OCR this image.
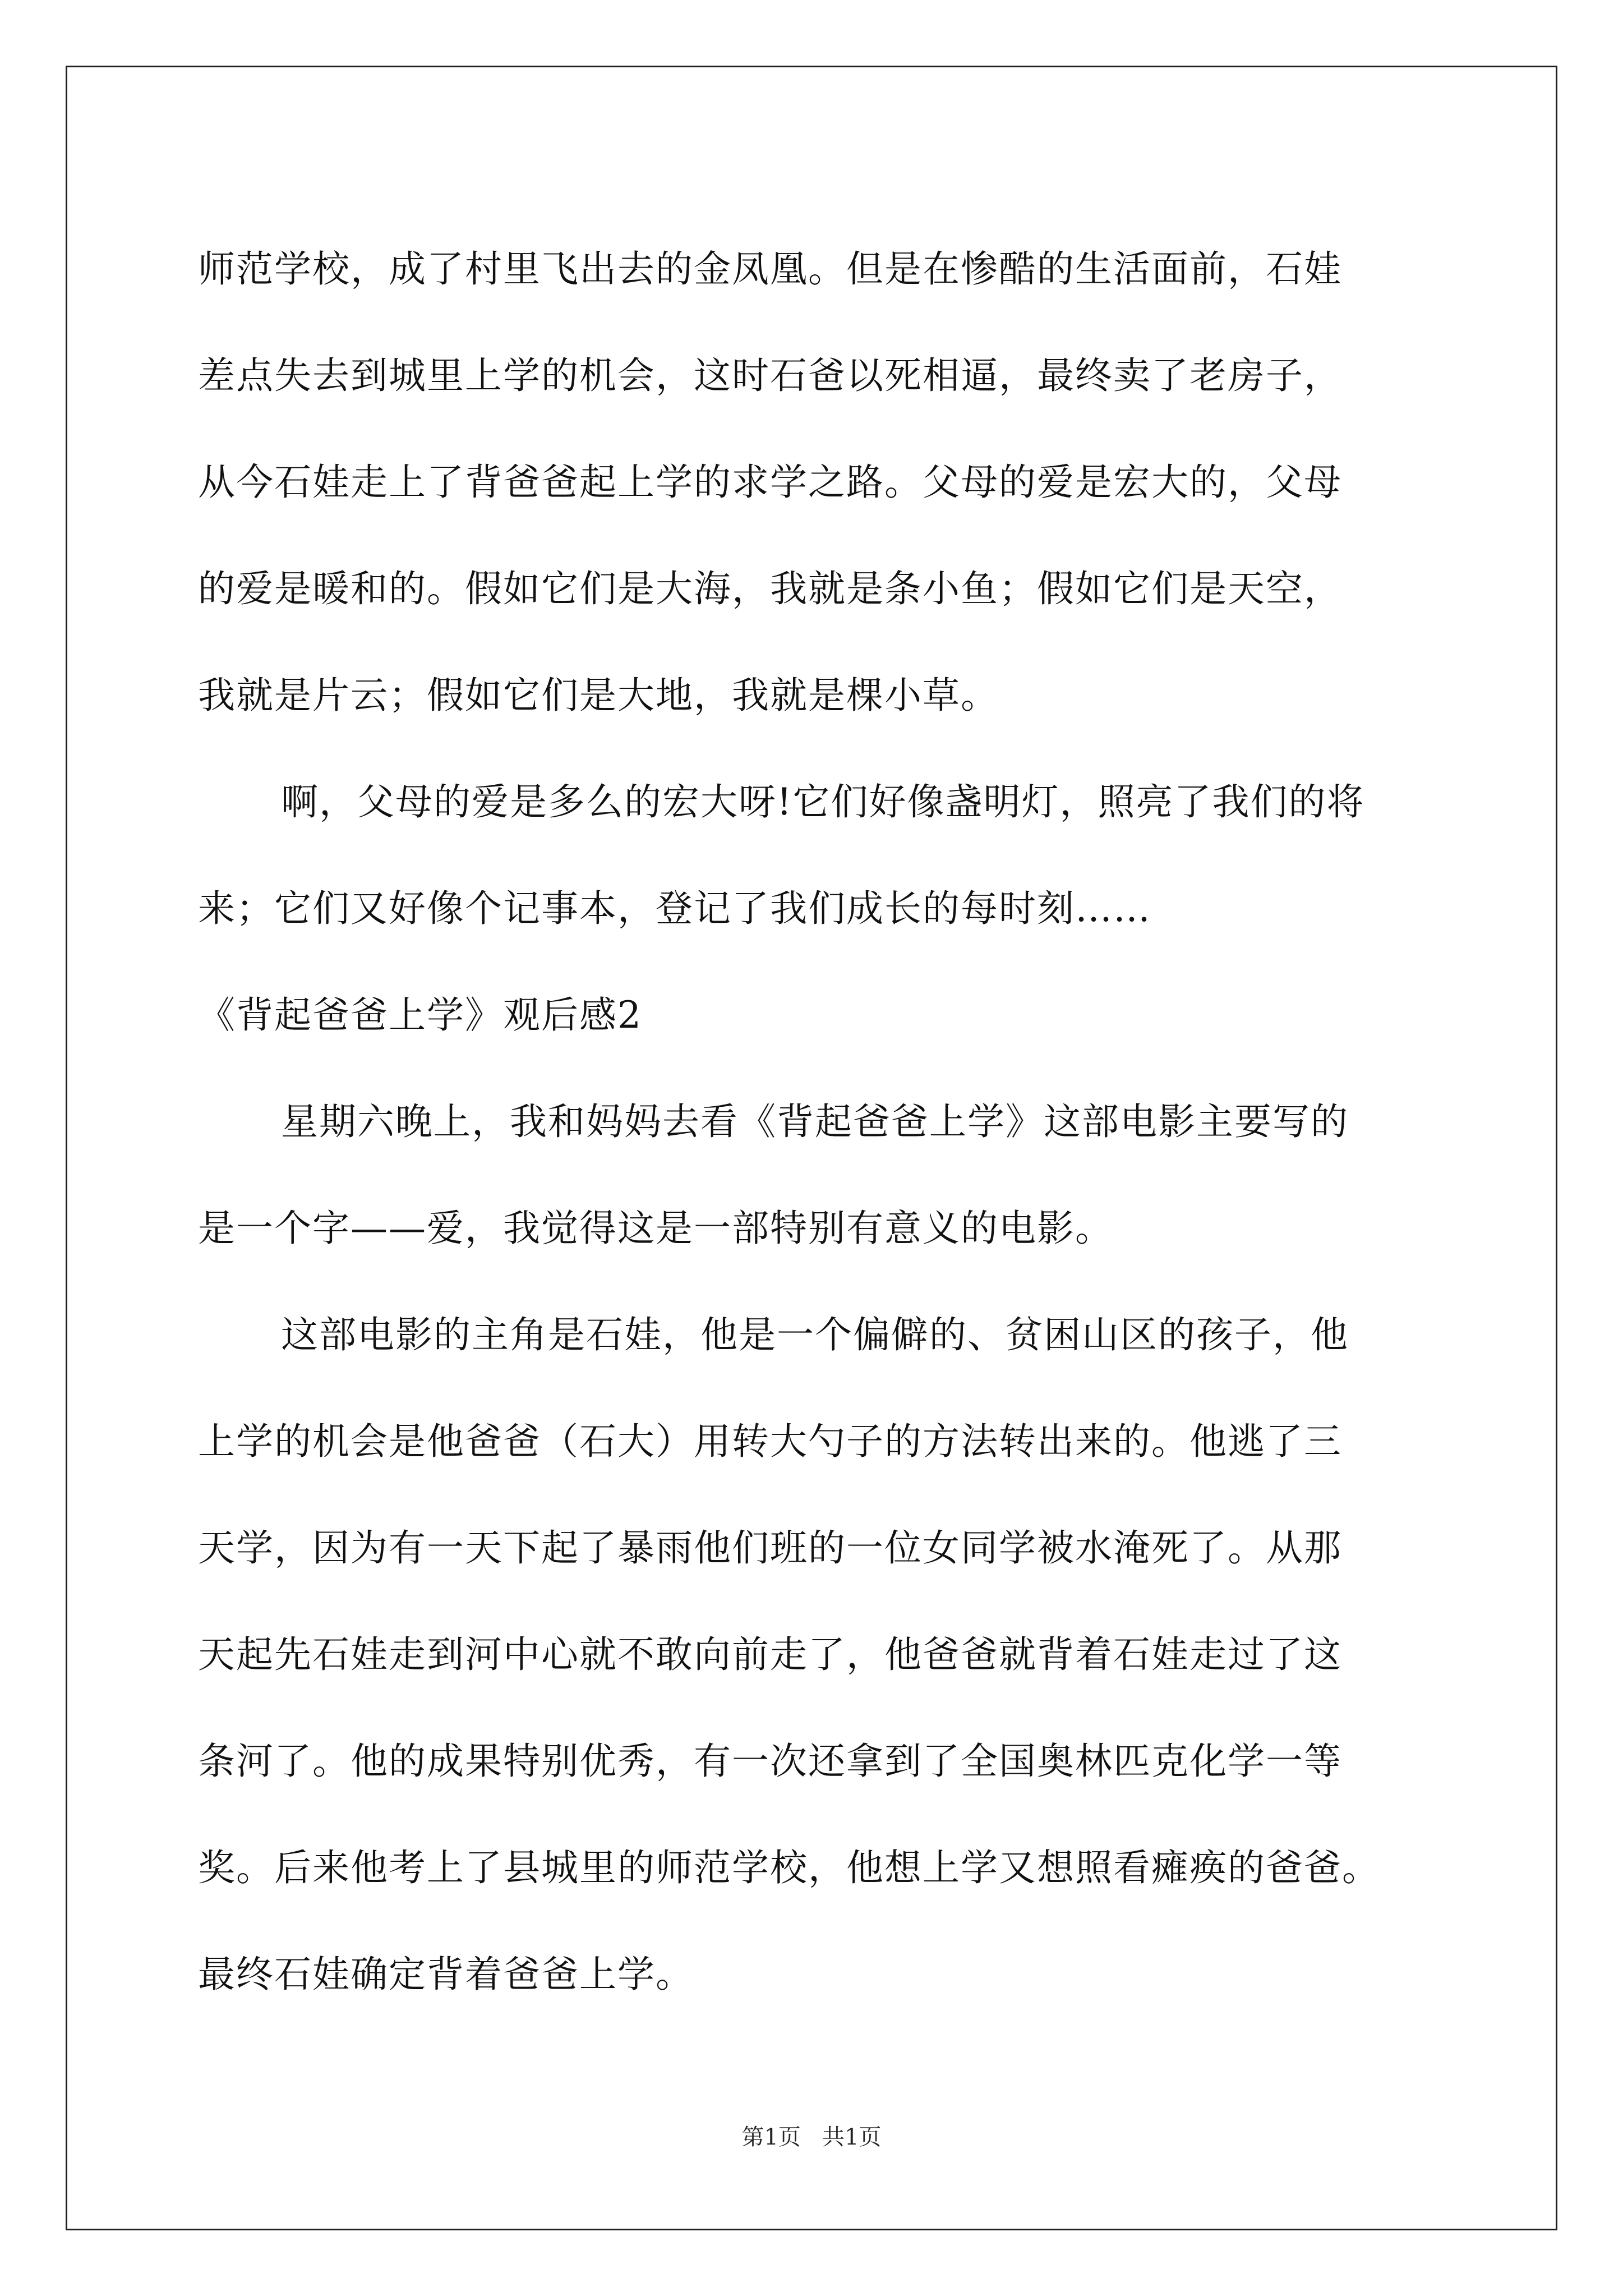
师范学校，成了村里飞出去的金凤凰。但是在惨酷的生活面前，石娃
差点失去到城里上学的机会，这时石爸以死相逼，最终卖了老房子，
从今石娃走上了背爸爸起上学的求学之路。父母的爱是宏大的，父母
的爱是暖和的。假如它们是大海，我就是条小鱼；假如它们是天空，
我就是片云；假如它们是大地，我就是棵小草。
啊，父母的爱是多么的宏大呀!它们好像盏明灯，照亮了我们的将
来；它们又好像个记事本，登记了我们成长的每时刻……
《背起爸爸上学》观后感2
星期六晚上，我和妈妈去看《背起爸爸上学》这部电影主要写的
是一个字——爱，我觉得这是一部特别有意义的电影。
这部电影的主角是石娃，他是一个偏僻的、贫困山区的孩子，他
上学的机会是他爸爸（石大）用转大勺子的方法转出来的。他逃了三
天学，因为有一天下起了暴雨他们班的一位女同学被水淹死了。从那
天起先石娃走到河中心就不敢向前走了，他爸爸就背着石娃走过了这
条河了。他的成果特别优秀，有一次还拿到了全国奥林匹克化学一等
奖。后来他考上了县城里的师范学校，他想上学又想照看瘫痪的爸爸。
最终石娃确定背着爸爸上学。
第1页   共1页
